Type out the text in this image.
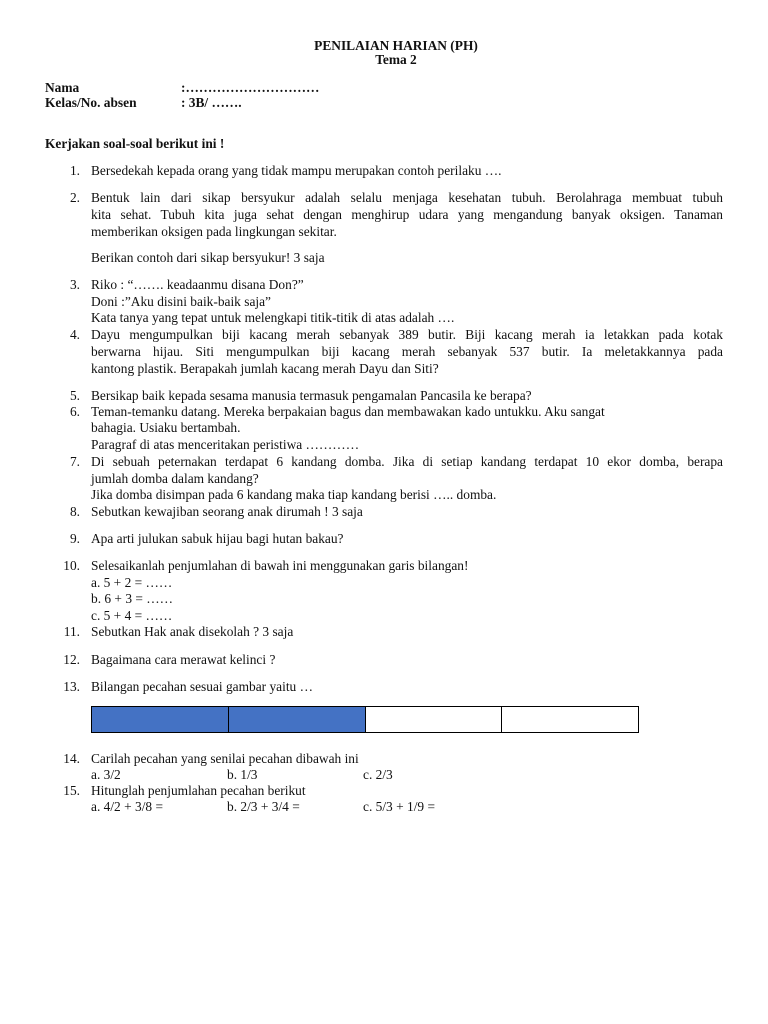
PENILAIAN HARIAN (PH)
Tema 2
Nama	:…………………………
Kelas/No. absen	: 3B/ …….
Kerjakan soal-soal berikut ini !
1. Bersedekah kepada orang yang tidak mampu merupakan contoh perilaku ….
2. Bentuk lain dari sikap bersyukur adalah selalu menjaga kesehatan tubuh. Berolahraga membuat tubuh
kita sehat. Tubuh kita juga sehat dengan menghirup udara yang mengandung banyak oksigen. Tanaman
memberikan oksigen pada lingkungan sekitar.
Berikan contoh dari sikap bersyukur! 3 saja
3. Riko : “……. keadaanmu disana Don?”
Doni :”Aku disini baik-baik saja”
Kata tanya yang tepat untuk melengkapi titik-titik di atas adalah ….
4. Dayu mengumpulkan biji kacang merah sebanyak 389 butir. Biji kacang merah ia letakkan pada kotak
berwarna hijau. Siti mengumpulkan biji kacang merah sebanyak 537 butir. Ia meletakkannya pada
kantong plastik. Berapakah jumlah kacang merah Dayu dan Siti?
5. Bersikap baik kepada sesama manusia termasuk pengamalan Pancasila ke berapa?
6. Teman-temanku datang. Mereka berpakaian bagus dan membawakan kado untukku. Aku sangat
bahagia. Usiaku bertambah.
Paragraf di atas menceritakan peristiwa …………
7. Di sebuah peternakan terdapat 6 kandang domba. Jika di setiap kandang terdapat 10 ekor domba, berapa
jumlah domba dalam kandang?
Jika domba disimpan pada 6 kandang maka tiap kandang berisi ….. domba.
8. Sebutkan kewajiban seorang anak dirumah ! 3 saja
9. Apa arti julukan sabuk hijau bagi hutan bakau?
10. Selesaikanlah penjumlahan di bawah ini menggunakan garis bilangan!
a. 5 + 2 = ……
b. 6 + 3 = ……
c. 5 + 4 = ……
11. Sebutkan Hak anak disekolah ? 3 saja
12. Bagaimana cara merawat kelinci ?
13. Bilangan pecahan sesuai gambar yaitu …
14. Carilah pecahan yang senilai pecahan dibawah ini
a. 3/2	b. 1/3	c. 2/3
15. Hitunglah penjumlahan pecahan berikut
a. 4/2 + 3/8 =	b. 2/3 + 3/4 =	c. 5/3 + 1/9 =
